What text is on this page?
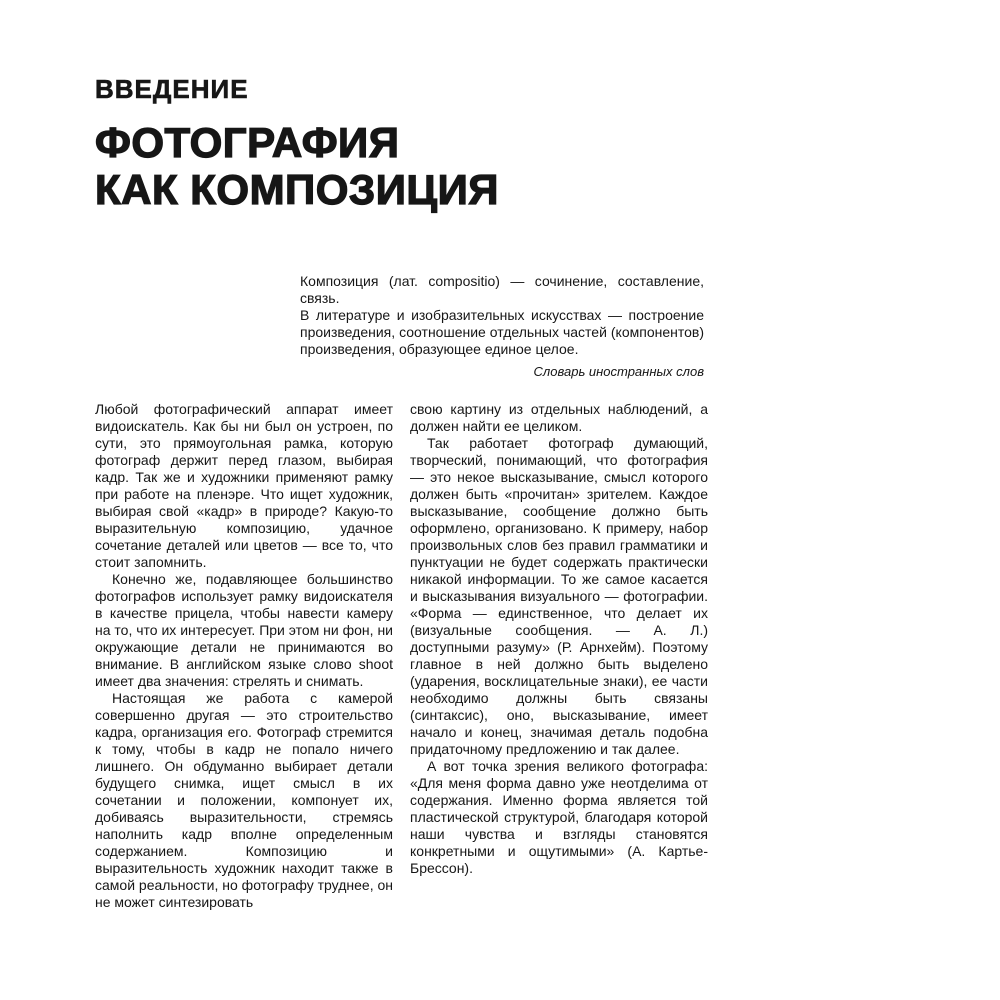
ВВЕДЕНИЕ
ФОТОГРАФИЯ
КАК КОМПОЗИЦИЯ

Композиция (лат. compositio) — сочинение, составление, связь.

В литературе и изобразительных искусствах — построение произведения, соотношение отдельных частей (компонентов) произведения, образующее единое целое.

Словарь иностранных слов

Любой фотографический аппарат имеет видоискатель. Как бы ни был он устроен, по сути, это прямоугольная рамка, которую фотограф держит перед глазом, выбирая кадр. Так же и художники применяют рамку при работе на пленэре. Что ищет художник, выбирая свой «кадр» в природе? Какую-то выразительную композицию, удачное сочетание деталей или цветов — все то, что стоит запомнить.

Конечно же, подавляющее большинство фотографов использует рамку видоискателя в качестве прицела, чтобы навести камеру на то, что их интересует. При этом ни фон, ни окружающие детали не принимаются во внимание. В английском языке слово shoot имеет два значения: стрелять и снимать.

Настоящая же работа с камерой совершенно другая — это строительство кадра, организация его. Фотограф стремится к тому, чтобы в кадр не попало ничего лишнего. Он обдуманно выбирает детали будущего снимка, ищет смысл в их сочетании и положении, компонует их, добиваясь выразительности, стремясь наполнить кадр вполне определенным содержанием. Композицию и выразительность художник находит также в самой реальности, но фотографу труднее, он не может синтезировать

свою картину из отдельных наблюдений, а должен найти ее целиком.

Так работает фотограф думающий, творческий, понимающий, что фотография — это некое высказывание, смысл которого должен быть «прочитан» зрителем. Каждое высказывание, сообщение должно быть оформлено, организовано. К примеру, набор произвольных слов без правил грамматики и пунктуации не будет содержать практически никакой информации. То же самое касается и высказывания визуального — фотографии. «Форма — единственное, что делает их (визуальные сообщения. — А. Л.) доступными разуму» (Р. Арнхейм). Поэтому главное в ней должно быть выделено (ударения, восклицательные знаки), ее части необходимо должны быть связаны (синтаксис), оно, высказывание, имеет начало и конец, значимая деталь подобна придаточному предложению и так далее.

А вот точка зрения великого фотографа: «Для меня форма давно уже неотделима от содержания. Именно форма является той пластической структурой, благодаря которой наши чувства и взгляды становятся конкретными и ощутимыми» (А. Картье-Брессон).
